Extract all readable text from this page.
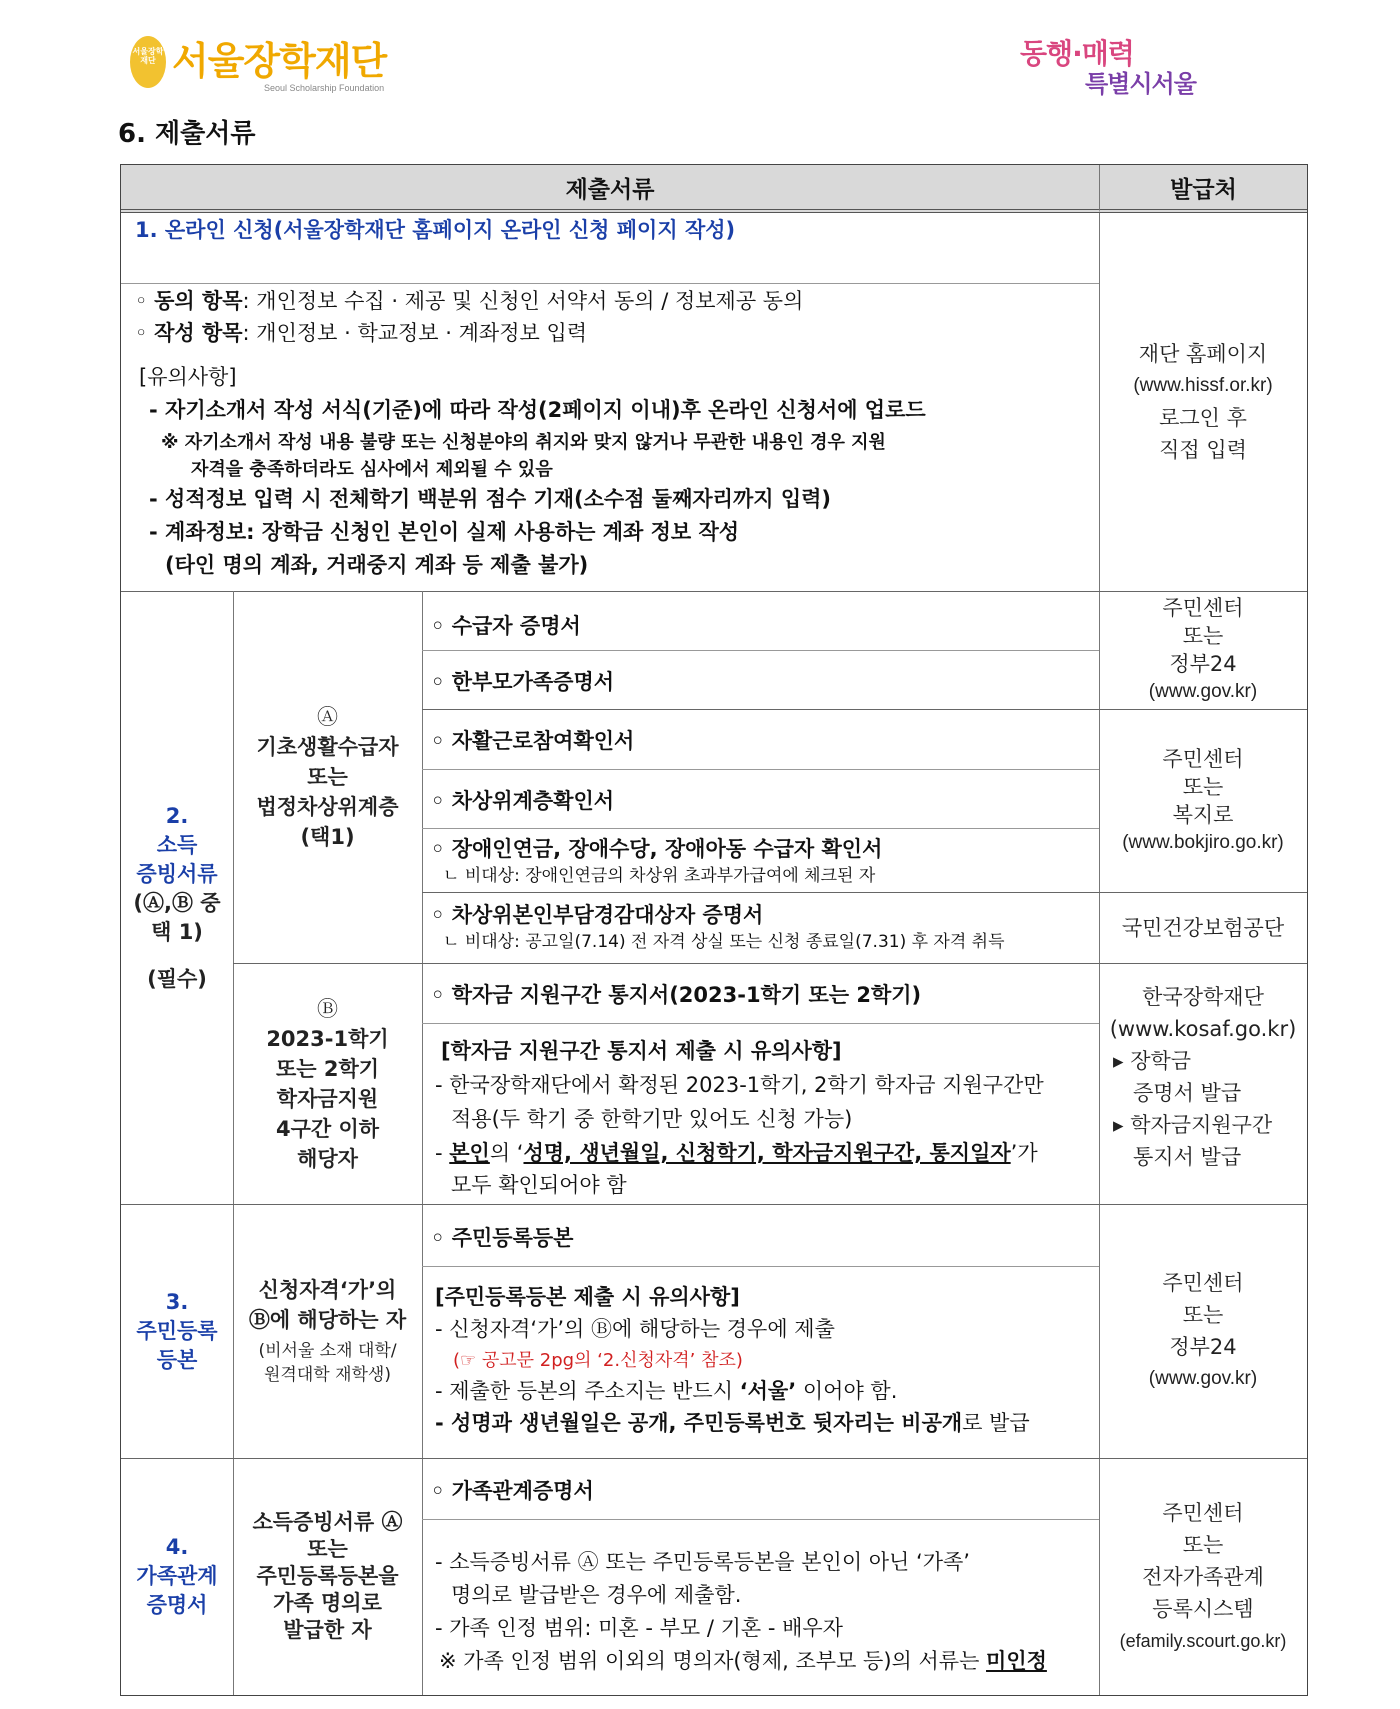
서울장학재단 서울장학재단
Seoul Scholarship Foundation
동행·매력
특별시서울
6. 제출서류
제출서류	발급처
1. 온라인 신청(서울장학재단 홈페이지 온라인 신청 페이지 작성)
◦ 동의 항목: 개인정보 수집 · 제공 및 신청인 서약서 동의 / 정보제공 동의
◦ 작성 항목: 개인정보 · 학교정보 · 계좌정보 입력
[유의사항]
- 자기소개서 작성 서식(기준)에 따라 작성(2페이지 이내)후 온라인 신청서에 업로드
※ 자기소개서 작성 내용 불량 또는 신청분야의 취지와 맞지 않거나 무관한 내용인 경우 지원
자격을 충족하더라도 심사에서 제외될 수 있음
- 성적정보 입력 시 전체학기 백분위 점수 기재(소수점 둘째자리까지 입력)
- 계좌정보: 장학금 신청인 본인이 실제 사용하는 계좌 정보 작성
(타인 명의 계좌, 거래중지 계좌 등 제출 불가)
재단 홈페이지
(www.hissf.or.kr)
로그인 후
직접 입력
2.
소득
증빙서류
(Ⓐ,Ⓑ 중
택 1)
(필수)
Ⓐ
기초생활수급자
또는
법정차상위계층
(택1)
◦ 수급자 증명서
◦ 한부모가족증명서
◦ 자활근로참여확인서
◦ 차상위계층확인서
◦ 장애인연금, 장애수당, 장애아동 수급자 확인서
ㄴ 비대상: 장애인연금의 차상위 초과부가급여에 체크된 자
◦ 차상위본인부담경감대상자 증명서
ㄴ 비대상: 공고일(7.14) 전 자격 상실 또는 신청 종료일(7.31) 후 자격 취득
주민센터
또는
정부24
(www.gov.kr)
주민센터
또는
복지로
(www.bokjiro.go.kr)
국민건강보험공단
Ⓑ
2023-1학기
또는 2학기
학자금지원
4구간 이하
해당자
◦ 학자금 지원구간 통지서(2023-1학기 또는 2학기)
[학자금 지원구간 통지서 제출 시 유의사항]
- 한국장학재단에서 확정된 2023-1학기, 2학기 학자금 지원구간만
적용(두 학기 중 한학기만 있어도 신청 가능)
- 본인의 ‘성명, 생년월일, 신청학기, 학자금지원구간, 통지일자’가
모두 확인되어야 함
한국장학재단
(www.kosaf.go.kr)
▸ 장학금
증명서 발급
▸ 학자금지원구간
통지서 발급
3.
주민등록
등본
신청자격‘가’의
Ⓑ에 해당하는 자
(비서울 소재 대학/
원격대학 재학생)
◦ 주민등록등본
[주민등록등본 제출 시 유의사항]
- 신청자격‘가’의 Ⓑ에 해당하는 경우에 제출
(☞ 공고문 2pg의 ‘2.신청자격’ 참조)
- 제출한 등본의 주소지는 반드시 ‘서울’ 이어야 함.
- 성명과 생년월일은 공개, 주민등록번호 뒷자리는 비공개로 발급
주민센터
또는
정부24
(www.gov.kr)
4.
가족관계
증명서
소득증빙서류 Ⓐ
또는
주민등록등본을
가족 명의로
발급한 자
◦ 가족관계증명서
- 소득증빙서류 Ⓐ 또는 주민등록등본을 본인이 아닌 ‘가족’
명의로 발급받은 경우에 제출함.
- 가족 인정 범위: 미혼 - 부모 / 기혼 - 배우자
※ 가족 인정 범위 이외의 명의자(형제, 조부모 등)의 서류는 미인정
주민센터
또는
전자가족관계
등록시스템
(efamily.scourt.go.kr)
